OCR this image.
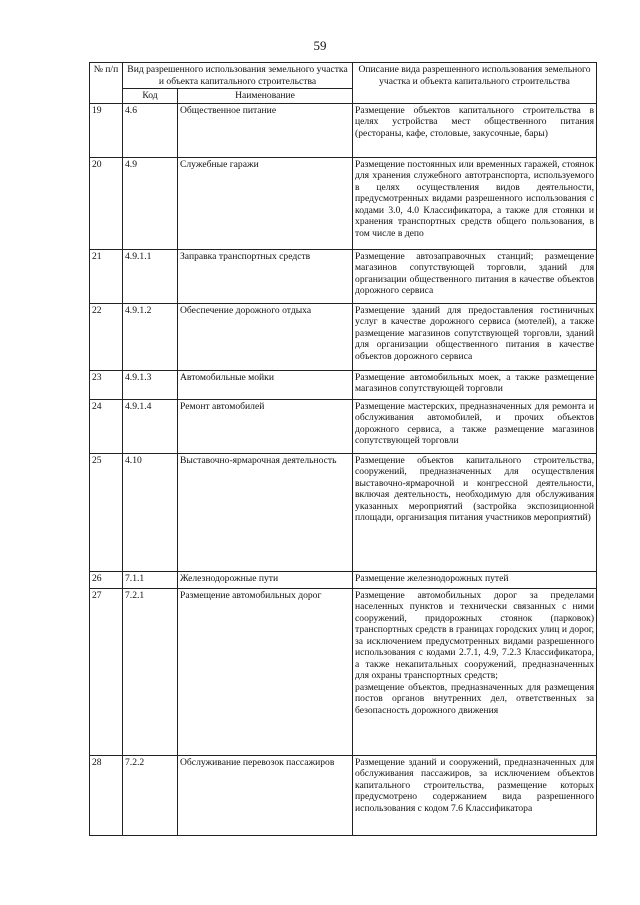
59
№ п/п	Вид разрешенного использования земельного участка и объекта капитального строительства		Описание вида разрешенного использования земельного участка и объекта капитального строительства
	Код	Наименование	
19	4.6	Общественное питание	Размещение объектов капитального строительства в целях устройства мест общественного питания (рестораны, кафе, столовые, закусочные, бары)

20	4.9	Служебные гаражи	Размещение постоянных или временных гаражей, стоянок для хранения служебного автотранспорта, используемого в целях осуществления видов деятельности, предусмотренных видами разрешенного использования с кодами 3.0, 4.0 Классификатора, а также для стоянки и хранения транспортных средств общего пользования, в том числе в депо

21	4.9.1.1	Заправка транспортных средств	Размещение автозаправочных станций; размещение магазинов сопутствующей торговли, зданий для организации общественного питания в качестве объектов дорожного сервиса

22	4.9.1.2	Обеспечение дорожного отдыха	Размещение зданий для предоставления гостиничных услуг в качестве дорожного сервиса (мотелей), а также размещение магазинов сопутствующей торговли, зданий для организации общественного питания в качестве объектов дорожного сервиса

23	4.9.1.3	Автомобильные мойки	Размещение автомобильных моек, а также размещение магазинов сопутствующей торговли

24	4.9.1.4	Ремонт автомобилей	Размещение мастерских, предназначенных для ремонта и обслуживания автомобилей, и прочих объектов дорожного сервиса, а также размещение магазинов сопутствующей торговли

25	4.10	Выставочно-ярмарочная деятельность	Размещение объектов капитального строительства, сооружений, предназначенных для осуществления выставочно-ярмарочной и конгрессной деятельности, включая деятельность, необходимую для обслуживания указанных мероприятий (застройка экспозиционной площади, организация питания участников мероприятий)

26	7.1.1	Железнодорожные пути	Размещение железнодорожных путей

27	7.2.1	Размещение автомобильных дорог	Размещение автомобильных дорог за пределами населенных пунктов и технически связанных с ними сооружений, придорожных стоянок (парковок) транспортных средств в границах городских улиц и дорог, за исключением предусмотренных видами разрешенного использования с кодами 2.7.1, 4.9, 7.2.3 Классификатора, а также некапитальных сооружений, предназначенных для охраны транспортных средств;

размещение объектов, предназначенных для размещения постов органов внутренних дел, ответственных за безопасность дорожного движения

28	7.2.2	Обслуживание перевозок пассажиров	Размещение зданий и сооружений, предназначенных для обслуживания пассажиров, за исключением объектов капитального строительства, размещение которых предусмотрено содержанием вида разрешенного использования с кодом 7.6 Классификатора
